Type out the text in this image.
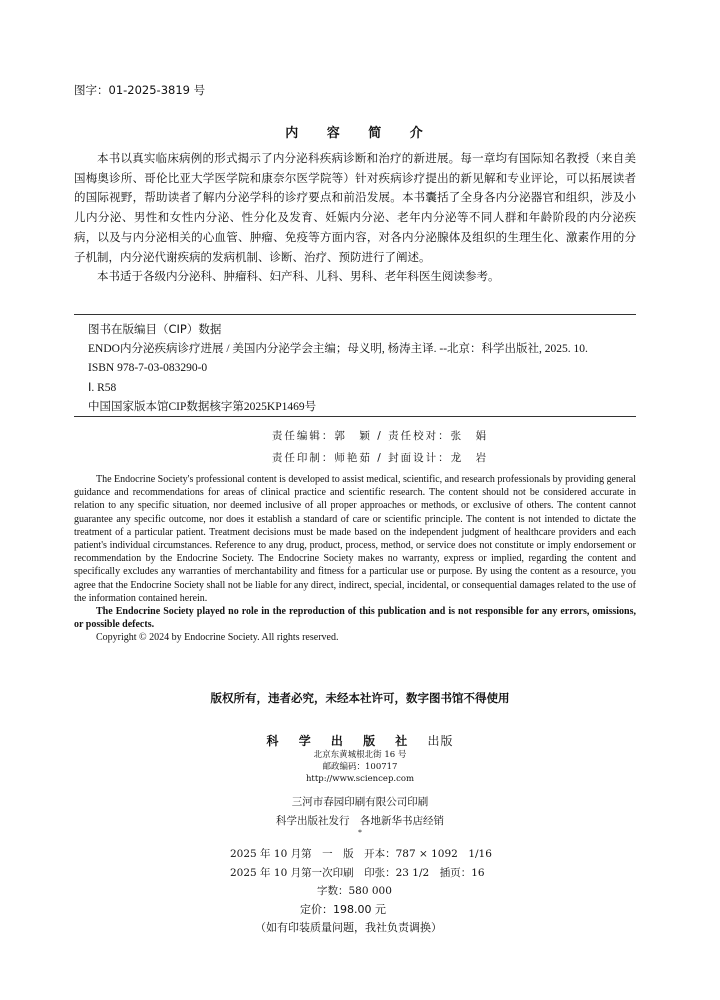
图字：01-2025-3819 号
内 容 简 介

本书以真实临床病例的形式揭示了内分泌科疾病诊断和治疗的新进展。每一章均有国际知名教授（来自美国梅奥诊所、哥伦比亚大学医学院和康奈尔医学院等）针对疾病诊疗提出的新见解和专业评论，可以拓展读者的国际视野，帮助读者了解内分泌学科的诊疗要点和前沿发展。本书囊括了全身各内分泌器官和组织，涉及小儿内分泌、男性和女性内分泌、性分化及发育、妊娠内分泌、老年内分泌等不同人群和年龄阶段的内分泌疾病，以及与内分泌相关的心血管、肿瘤、免疫等方面内容，对各内分泌腺体及组织的生理生化、激素作用的分子机制，内分泌代谢疾病的发病机制、诊断、治疗、预防进行了阐述。

本书适于各级内分泌科、肿瘤科、妇产科、儿科、男科、老年科医生阅读参考。

图书在版编目（CIP）数据
ENDO内分泌疾病诊疗进展 / 美国内分泌学会主编；母义明, 杨涛主译. --北京：科学出版社, 2025. 10.
ISBN 978-7-03-083290-0
Ⅰ. R58
中国国家版本馆CIP数据核字第2025KP1469号
责任编辑：郭　颖 / 责任校对：张　娟
责任印制：师艳茹 / 封面设计：龙　岩

The Endocrine Society's professional content is developed to assist medical, scientific, and research professionals by providing general guidance and recommendations for areas of clinical practice and scientific research. The content should not be considered accurate in relation to any specific situation, nor deemed inclusive of all proper approaches or methods, or exclusive of others. The content cannot guarantee any specific outcome, nor does it establish a standard of care or scientific principle. The content is not intended to dictate the treatment of a particular patient. Treatment decisions must be made based on the independent judgment of healthcare providers and each patient's individual circumstances. Reference to any drug, product, process, method, or service does not constitute or imply endorsement or recommendation by the Endocrine Society. The Endocrine Society makes no warranty, express or implied, regarding the content and specifically excludes any warranties of merchantability and fitness for a particular use or purpose. By using the content as a resource, you agree that the Endocrine Society shall not be liable for any direct, indirect, special, incidental, or consequential damages related to the use of the information contained herein.

The Endocrine Society played no role in the reproduction of this publication and is not responsible for any errors, omissions, or possible defects.

Copyright © 2024 by Endocrine Society. All rights reserved.

版权所有，违者必究，未经本社许可，数字图书馆不得使用
科 学 出 版 社 出版
北京东黄城根北街 16 号
邮政编码：100717
http://www.sciencep.com
三河市春园印刷有限公司印刷
科学出版社发行　各地新华书店经销
*
2025 年 10 月第　一　版　开本：787 × 1092　1/16
2025 年 10 月第一次印刷　印张：23 1/2　插页：16
字数：580 000
定价：198.00 元
（如有印装质量问题，我社负责调换）
